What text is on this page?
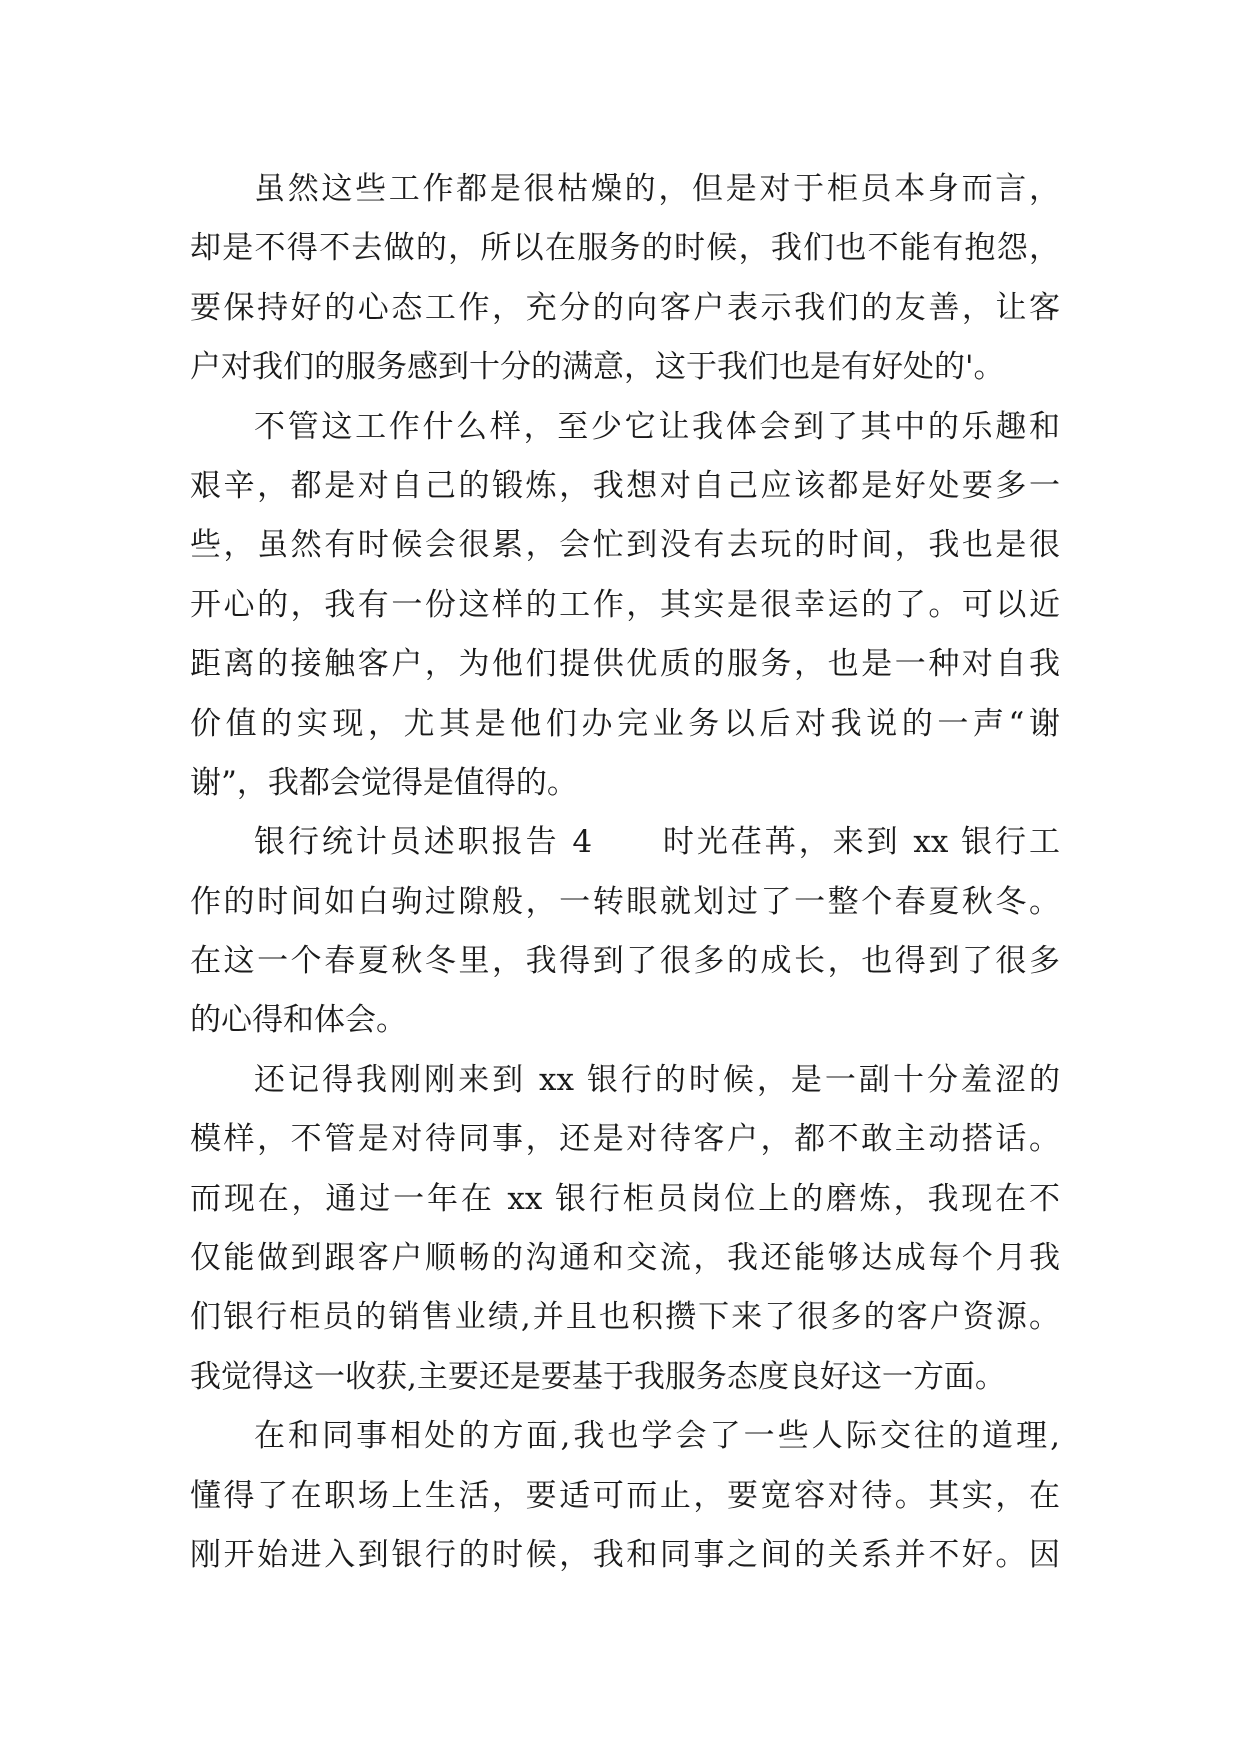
虽然这些工作都是很枯燥的，但是对于柜员本身而言，
却是不得不去做的，所以在服务的时候，我们也不能有抱怨，
要保持好的心态工作，充分的向客户表示我们的友善，让客
户对我们的服务感到十分的满意，这于我们也是有好处的'。
不管这工作什么样，至少它让我体会到了其中的乐趣和
艰辛，都是对自己的锻炼，我想对自己应该都是好处要多一
些，虽然有时候会很累，会忙到没有去玩的时间，我也是很
开心的，我有一份这样的工作，其实是很幸运的了。可以近
距离的接触客户，为他们提供优质的服务，也是一种对自我
价值的实现，尤其是他们办完业务以后对我说的一声“谢
谢”，我都会觉得是值得的。
银行统计员述职报告 4　　时光荏苒，来到 xx 银行工
作的时间如白驹过隙般，一转眼就划过了一整个春夏秋冬。
在这一个春夏秋冬里，我得到了很多的成长，也得到了很多
的心得和体会。
还记得我刚刚来到 xx 银行的时候，是一副十分羞涩的
模样，不管是对待同事，还是对待客户，都不敢主动搭话。
而现在，通过一年在 xx 银行柜员岗位上的磨炼，我现在不
仅能做到跟客户顺畅的沟通和交流，我还能够达成每个月我
们银行柜员的销售业绩,并且也积攒下来了很多的客户资源。
我觉得这一收获,主要还是要基于我服务态度良好这一方面。
在和同事相处的方面,我也学会了一些人际交往的道理,
懂得了在职场上生活，要适可而止，要宽容对待。其实，在
刚开始进入到银行的时候，我和同事之间的关系并不好。因
